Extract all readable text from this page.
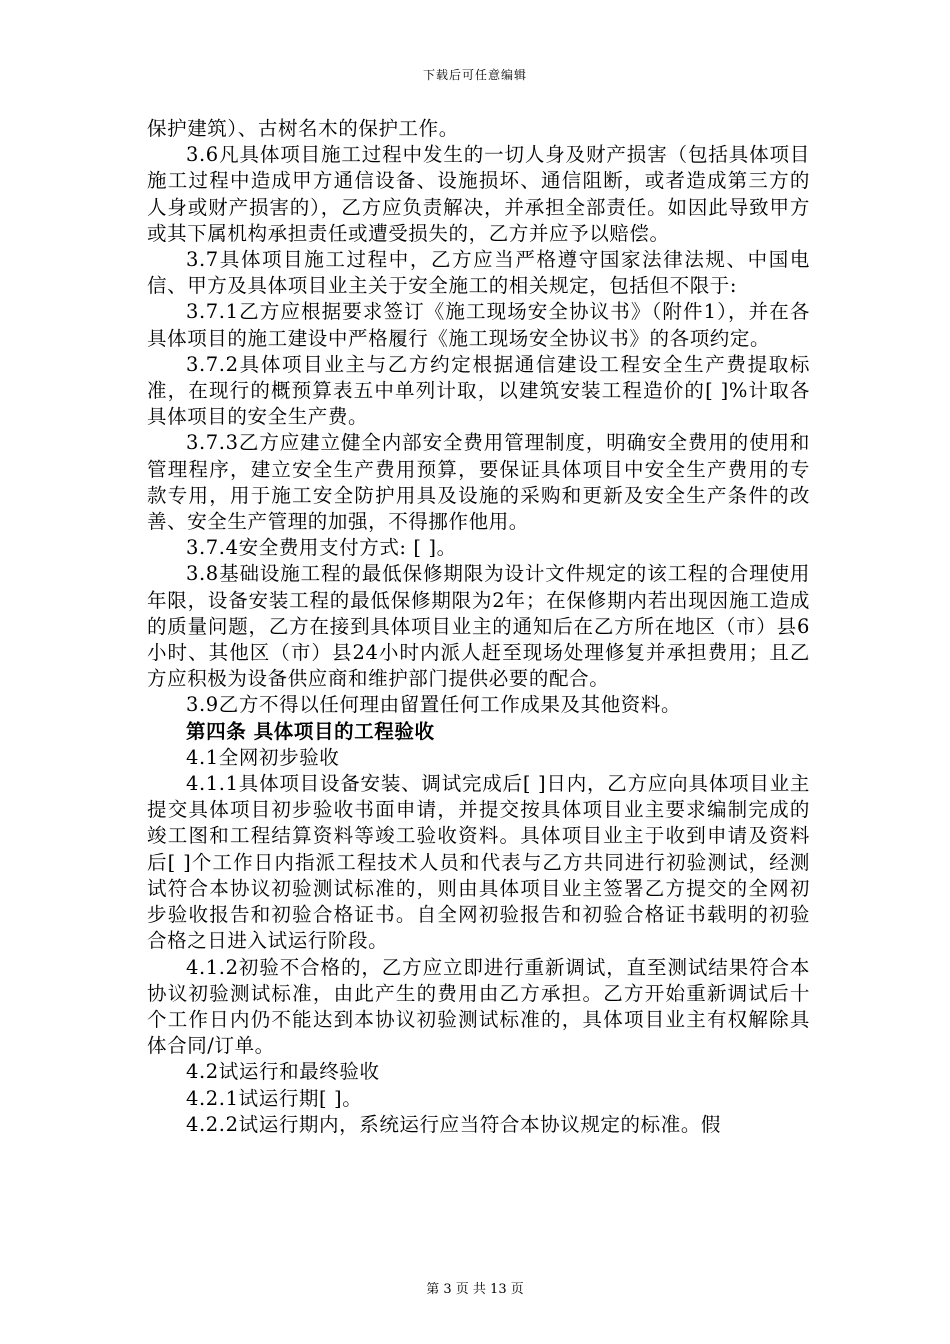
下载后可任意编辑
保护建筑）、古树名木的保护工作。
3.6凡具体项目施工过程中发生的一切人身及财产损害（包括具体项目施工过程中造成甲方通信设备、设施损坏、通信阻断，或者造成第三方的人身或财产损害的），乙方应负责解决，并承担全部责任。如因此导致甲方或其下属机构承担责任或遭受损失的，乙方并应予以赔偿。
3.7具体项目施工过程中，乙方应当严格遵守国家法律法规、中国电信、甲方及具体项目业主关于安全施工的相关规定，包括但不限于:
3.7.1乙方应根据要求签订《施工现场安全协议书》（附件1），并在各具体项目的施工建设中严格履行《施工现场安全协议书》的各项约定。
3.7.2具体项目业主与乙方约定根据通信建设工程安全生产费提取标准，在现行的概预算表五中单列计取，以建筑安装工程造价的[ ]%计取各具体项目的安全生产费。
3.7.3乙方应建立健全内部安全费用管理制度，明确安全费用的使用和管理程序，建立安全生产费用预算，要保证具体项目中安全生产费用的专款专用，用于施工安全防护用具及设施的采购和更新及安全生产条件的改善、安全生产管理的加强，不得挪作他用。
3.7.4安全费用支付方式: [ ]。
3.8基础设施工程的最低保修期限为设计文件规定的该工程的合理使用年限，设备安装工程的最低保修期限为2年；在保修期内若出现因施工造成的质量问题，乙方在接到具体项目业主的通知后在乙方所在地区（市）县6小时、其他区（市）县24小时内派人赶至现场处理修复并承担费用；且乙方应积极为设备供应商和维护部门提供必要的配合。
3.9乙方不得以任何理由留置任何工作成果及其他资料。
第四条 具体项目的工程验收
4.1全网初步验收
4.1.1具体项目设备安装、调试完成后[ ]日内，乙方应向具体项目业主提交具体项目初步验收书面申请，并提交按具体项目业主要求编制完成的竣工图和工程结算资料等竣工验收资料。具体项目业主于收到申请及资料后[ ]个工作日内指派工程技术人员和代表与乙方共同进行初验测试，经测试符合本协议初验测试标准的，则由具体项目业主签署乙方提交的全网初步验收报告和初验合格证书。自全网初验报告和初验合格证书载明的初验合格之日进入试运行阶段。
4.1.2初验不合格的，乙方应立即进行重新调试，直至测试结果符合本协议初验测试标准，由此产生的费用由乙方承担。乙方开始重新调试后十个工作日内仍不能达到本协议初验测试标准的，具体项目业主有权解除具体合同/订单。
4.2试运行和最终验收
4.2.1试运行期[ ]。
4.2.2试运行期内，系统运行应当符合本协议规定的标准。假
第 3 页 共 13 页
